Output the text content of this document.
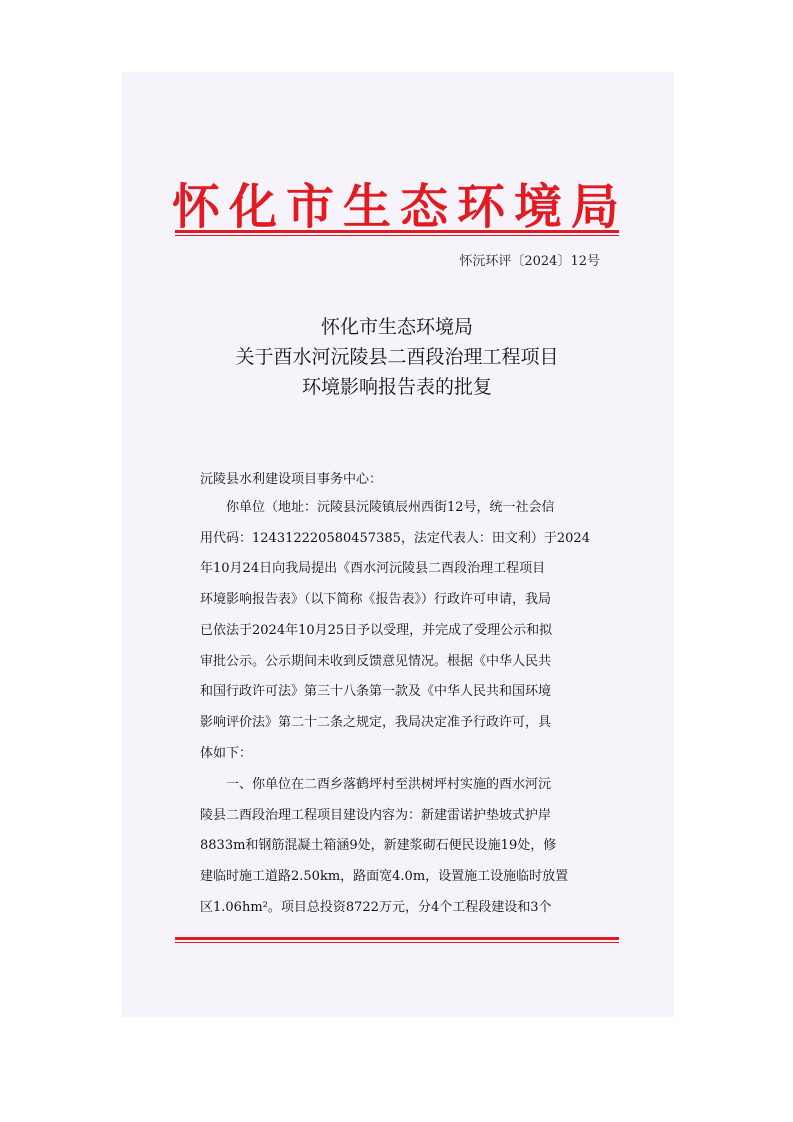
怀化市生态环境局
怀沅环评〔2024〕12号
怀化市生态环境局
关于酉水河沅陵县二酉段治理工程项目
环境影响报告表的批复
沅陵县水利建设项目事务中心：
你单位（地址：沅陵县沅陵镇辰州西街12号，统一社会信
用代码：124312220580457385，法定代表人：田文利）于2024
年10月24日向我局提出《酉水河沅陵县二酉段治理工程项目
环境影响报告表》（以下简称《报告表》）行政许可申请，我局
已依法于2024年10月25日予以受理，并完成了受理公示和拟
审批公示。公示期间未收到反馈意见情况。根据《中华人民共
和国行政许可法》第三十八条第一款及《中华人民共和国环境
影响评价法》第二十二条之规定，我局决定准予行政许可，具
体如下：
一、你单位在二酉乡落鹤坪村至洪树坪村实施的酉水河沅
陵县二酉段治理工程项目建设内容为：新建雷诺护垫坡式护岸
8833m和钢筋混凝土箱涵9处，新建浆砌石便民设施19处，修
建临时施工道路2.50km，路面宽4.0m，设置施工设施临时放置
区1.06hm²。项目总投资8722万元，分4个工程段建设和3个
